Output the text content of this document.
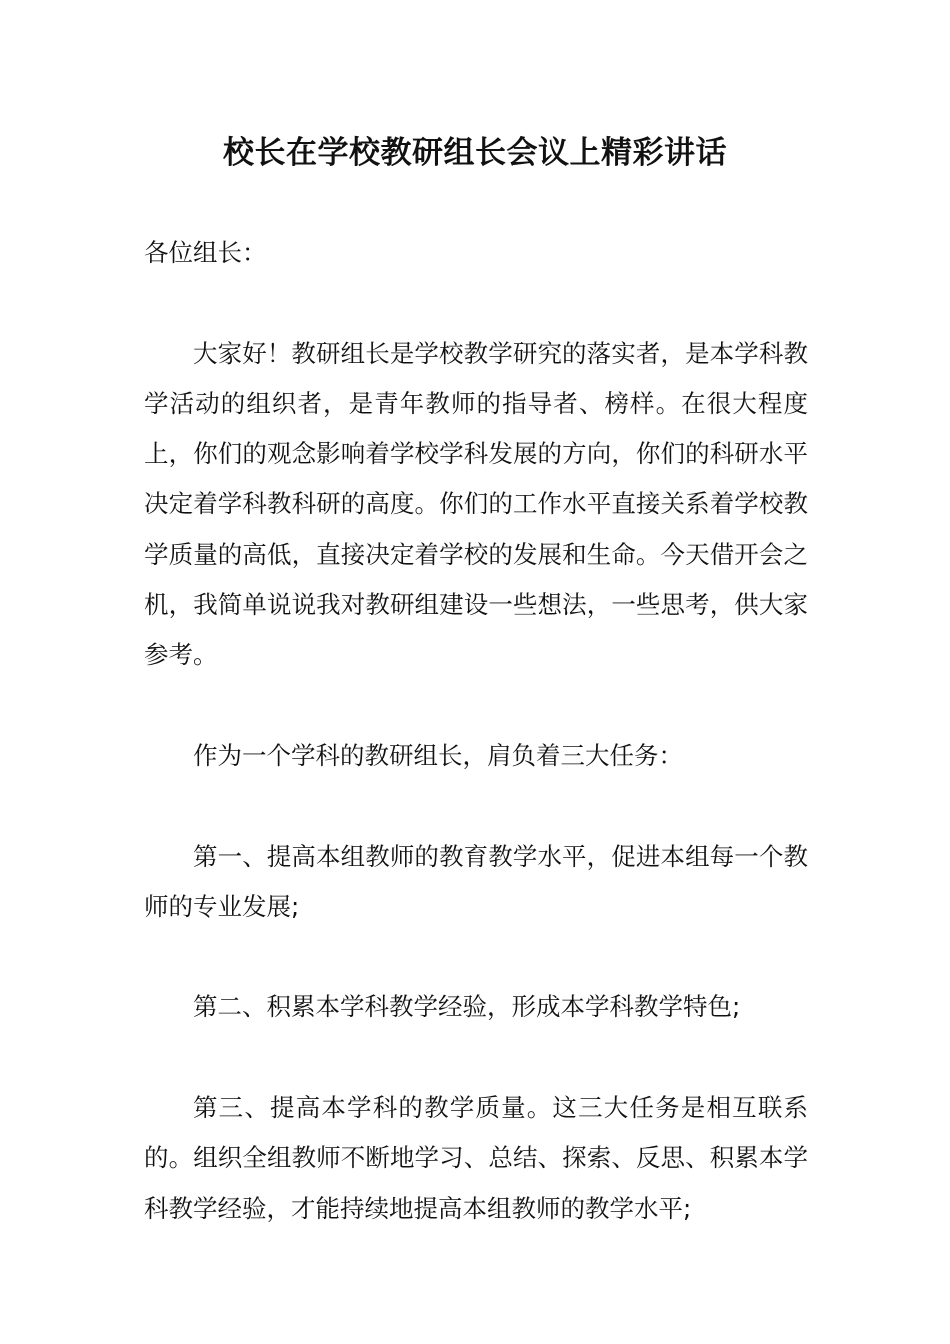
校长在学校教研组长会议上精彩讲话

各位组长：

大家好！教研组长是学校教学研究的落实者，是本学科教学活动的组织者，是青年教师的指导者、榜样。在很大程度上，你们的观念影响着学校学科发展的方向，你们的科研水平决定着学科教科研的高度。你们的工作水平直接关系着学校教学质量的高低，直接决定着学校的发展和生命。今天借开会之机，我简单说说我对教研组建设一些想法，一些思考，供大家参考。

作为一个学科的教研组长，肩负着三大任务：

第一、提高本组教师的教育教学水平，促进本组每一个教师的专业发展;

第二、积累本学科教学经验，形成本学科教学特色;

第三、提高本学科的教学质量。这三大任务是相互联系的。组织全组教师不断地学习、总结、探索、反思、积累本学科教学经验，才能持续地提高本组教师的教学水平;
